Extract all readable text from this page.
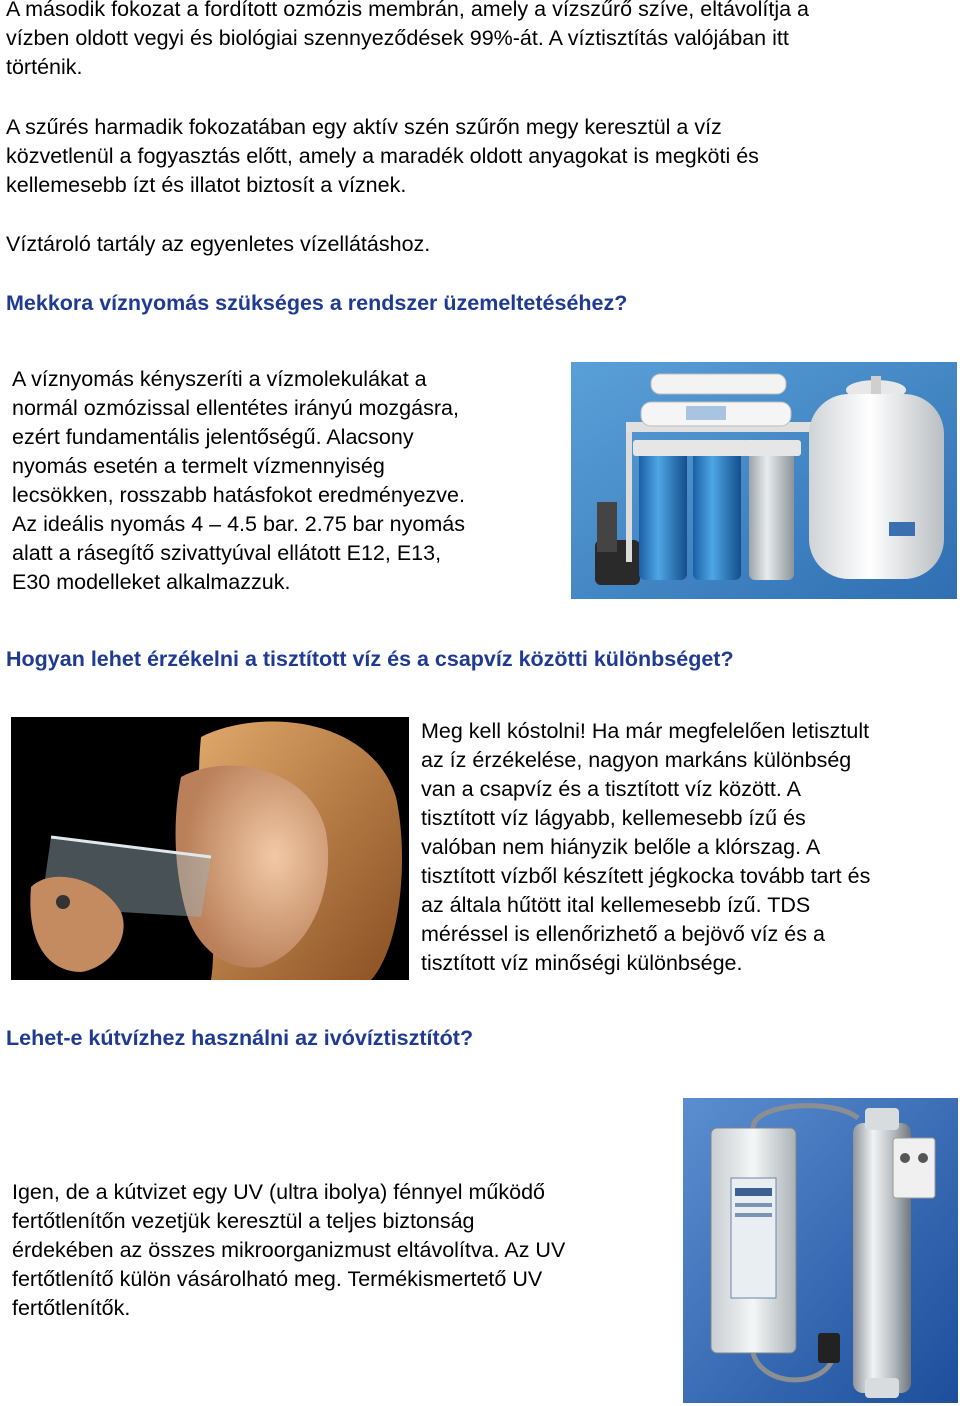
A második fokozat a fordított ozmózis membrán, amely a vízszűrő szíve, eltávolítja a
vízben oldott vegyi és biológiai szennyeződések 99%-át. A víztisztítás valójában itt
történik.
A szűrés harmadik fokozatában egy aktív szén szűrőn megy keresztül a víz
közvetlenül a fogyasztás előtt, amely a maradék oldott anyagokat is megköti és
kellemesebb ízt és illatot biztosít a víznek.
Víztároló tartály az egyenletes vízellátáshoz.
Mekkora víznyomás szükséges a rendszer üzemeltetéséhez?
A víznyomás kényszeríti a vízmolekulákat a
normál ozmózissal ellentétes irányú mozgásra,
ezért fundamentális jelentőségű. Alacsony
nyomás esetén a termelt vízmennyiség
lecsökken, rosszabb hatásfokot eredményezve.
Az ideális nyomás 4 – 4.5 bar. 2.75 bar nyomás
alatt a rásegítő szivattyúval ellátott E12, E13,
E30 modelleket alkalmazzuk.
Hogyan lehet érzékelni a tisztított víz és a csapvíz közötti különbséget?
Meg kell kóstolni! Ha már megfelelően letisztult
az íz érzékelése, nagyon markáns különbség
van a csapvíz és a tisztított víz között. A
tisztított víz lágyabb, kellemesebb ízű és
valóban nem hiányzik belőle a klórszag. A
tisztított vízből készített jégkocka tovább tart és
az általa hűtött ital kellemesebb ízű. TDS
méréssel is ellenőrizhető a bejövő víz és a
tisztított víz minőségi különbsége.
Lehet-e kútvízhez használni az ivóvíztisztítót?
Igen, de a kútvizet egy UV (ultra ibolya) fénnyel működő
fertőtlenítőn vezetjük keresztül a teljes biztonság
érdekében az összes mikroorganizmust eltávolítva. Az UV
fertőtlenítő külön vásárolható meg. Termékismertető UV
fertőtlenítők.
